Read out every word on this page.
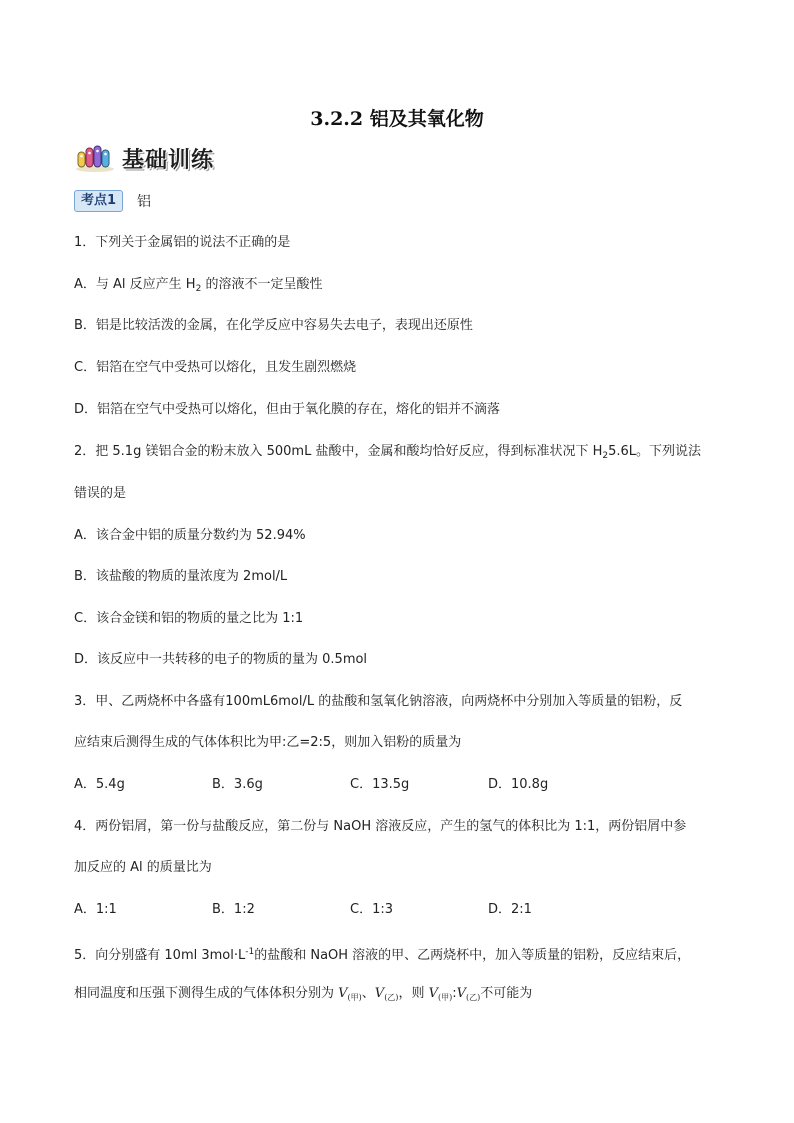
3.2.2 铝及其氧化物
基础训练
考点1	铝
1．下列关于金属铝的说法不正确的是
A．与 Al 反应产生 $H_2$ 的溶液不一定呈酸性
B．铝是比较活泼的金属，在化学反应中容易失去电子，表现出还原性
C．铝箔在空气中受热可以熔化，且发生剧烈燃烧
D．铝箔在空气中受热可以熔化，但由于氧化膜的存在，熔化的铝并不滴落
2．把 5.1g 镁铝合金的粉末放入 500mL 盐酸中，金属和酸均恰好反应，得到标准状况下 $H_25.6L$。下列说法
错误的是
A．该合金中铝的质量分数约为 52.94%
B．该盐酸的物质的量浓度为 2mol/L
C．该合金镁和铝的物质的量之比为 1:1
D．该反应中一共转移的电子的物质的量为 0.5mol
3．甲、乙两烧杯中各盛有100mL6mol/L 的盐酸和氢氧化钠溶液，向两烧杯中分别加入等质量的铝粉，反
应结束后测得生成的气体体积比为甲:乙=2:5，则加入铝粉的质量为
A．5.4g	B．3.6g	C．13.5g	D．10.8g
4．两份铝屑，第一份与盐酸反应，第二份与 NaOH 溶液反应，产生的氢气的体积比为 1:1，两份铝屑中参
加反应的 Al 的质量比为
A．1:1	B．1:2	C．1:3	D．2:1
5．向分别盛有 10ml $3mol\cdot L^{-1}$的盐酸和 NaOH 溶液的甲、乙两烧杯中，加入等质量的铝粉，反应结束后，
相同温度和压强下测得生成的气体体积分别为 $V_{(甲)}$、$V_{(乙)}$，则 $V_{(甲)}:V_{(乙)}$不可能为
